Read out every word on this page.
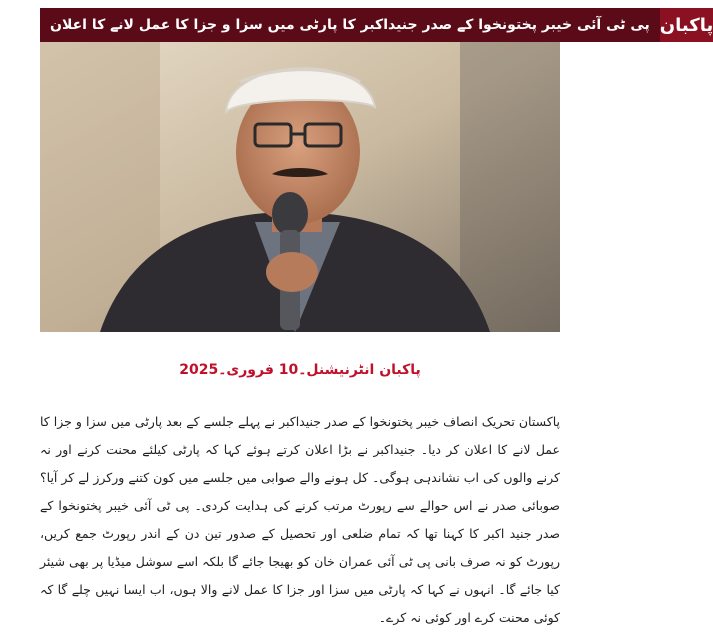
پی ٹی آئی خیبر پختونخوا کے صدر جنیداکبر کا پارٹی میں سزا و جزا کا عمل لانے کا اعلان پاکبان
پاکبان انٹرنیشنل۔10 فروری۔2025

پاکستان تحریک انصاف خیبر پختونخوا کے صدر جنیداکبر نے پہلے جلسے کے بعد پارٹی میں سزا و جزا کا عمل لانے کا اعلان کر دیا۔ جنیداکبر نے بڑا اعلان کرتے ہوئے کہا کہ پارٹی کیلئے محنت کرنے اور نہ کرنے والوں کی اب نشاندہی ہوگی۔ کل ہونے والے صوابی میں جلسے میں کون کتنے ورکرز لے کر آیا؟ صوبائی صدر نے اس حوالے سے رپورٹ مرتب کرنے کی ہدایت کردی۔ پی ٹی آئی خیبر پختونخوا کے صدر جنید اکبر کا کہنا تھا کہ تمام ضلعی اور تحصیل کے صدور تین دن کے اندر رپورٹ جمع کریں، رپورٹ کو نہ صرف بانی پی ٹی آئی عمران خان کو بھیجا جائے گا بلکہ اسے سوشل میڈیا پر بھی شیئر کیا جائے گا۔ انہوں نے کہا کہ پارٹی میں سزا اور جزا کا عمل لانے والا ہوں، اب ایسا نہیں چلے گا کہ کوئی محنت کرے اور کوئی نہ کرے۔
